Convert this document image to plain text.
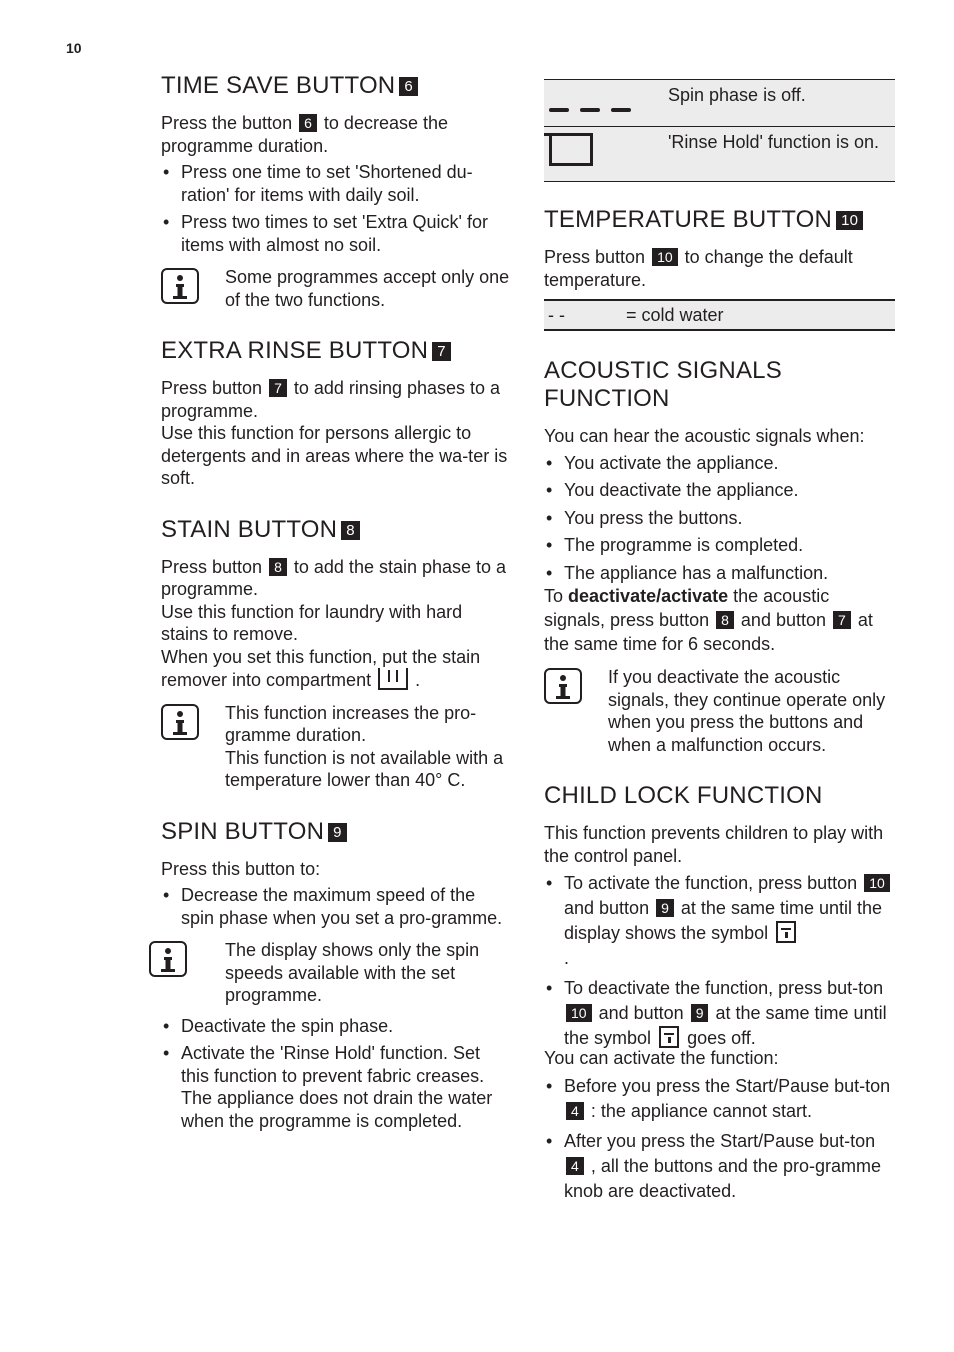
10
TIME SAVE BUTTON 6

Press the button 6 to decrease the programme duration.

• Press one time to set 'Shortened du-ration' for items with daily soil.
• Press two times to set 'Extra Quick' for items with almost no soil.

Some programmes accept only one of the two functions.

EXTRA RINSE BUTTON 7

Press button 7 to add rinsing phases to a programme.

Use this function for persons allergic to detergents and in areas where the wa-ter is soft.

STAIN BUTTON 8

Press button 8 to add the stain phase to a programme.

Use this function for laundry with hard stains to remove.

When you set this function, put the stain remover into compartment .

This function increases the pro-gramme duration.

This function is not available with a temperature lower than 40° C.

SPIN BUTTON 9

Press this button to:

• Decrease the maximum speed of the spin phase when you set a pro-gramme.

The display shows only the spin speeds available with the set programme.

• Deactivate the spin phase.
• Activate the 'Rinse Hold' function. Set this function to prevent fabric creases. The appliance does not drain the water when the programme is completed.
Spin phase is off.
'Rinse Hold' function is on.
TEMPERATURE BUTTON 10

Press button 10 to change the default temperature.

- -	= cold water
ACOUSTIC SIGNALS
FUNCTION

You can hear the acoustic signals when:

• You activate the appliance.
• You deactivate the appliance.
• You press the buttons.
• The programme is completed.
• The appliance has a malfunction.

To deactivate/activate the acoustic signals, press button 8 and button 7 at the same time for 6 seconds.

If you deactivate the acoustic signals, they continue operate only when you press the buttons and when a malfunction occurs.

CHILD LOCK FUNCTION

This function prevents children to play with the control panel.

• To activate the function, press button 10 and button 9 at the same time until the display shows the symbol
.
• To deactivate the function, press but-ton 10 and button 9 at the same time until the symbol goes off.

You can activate the function:

• Before you press the Start/Pause but-ton 4 : the appliance cannot start.
• After you press the Start/Pause but-ton 4 , all the buttons and the pro-gramme knob are deactivated.
